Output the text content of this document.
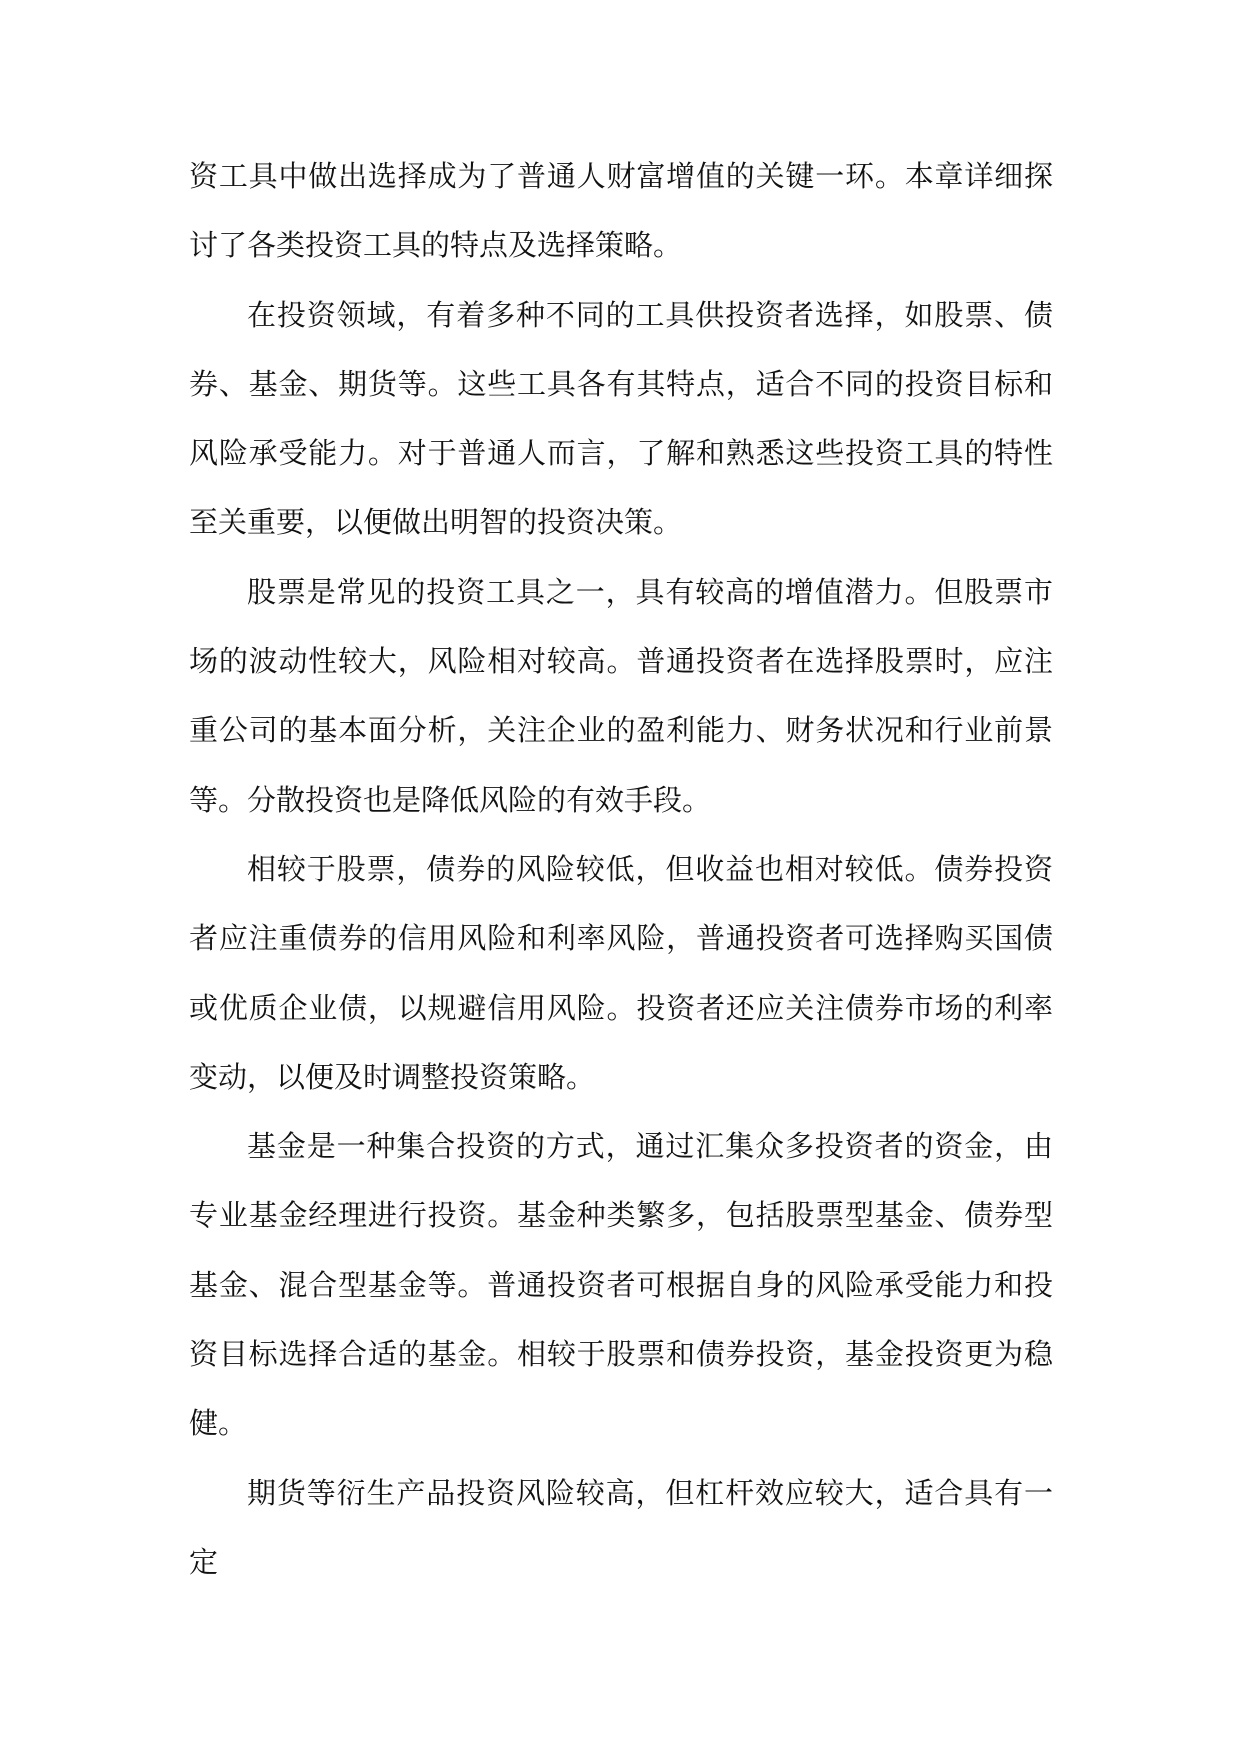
资工具中做出选择成为了普通人财富增值的关键一环。本章详细探讨了各类投资工具的特点及选择策略。

在投资领域，有着多种不同的工具供投资者选择，如股票、债券、基金、期货等。这些工具各有其特点，适合不同的投资目标和风险承受能力。对于普通人而言，了解和熟悉这些投资工具的特性至关重要，以便做出明智的投资决策。

股票是常见的投资工具之一，具有较高的增值潜力。但股票市场的波动性较大，风险相对较高。普通投资者在选择股票时，应注重公司的基本面分析，关注企业的盈利能力、财务状况和行业前景等。分散投资也是降低风险的有效手段。

相较于股票，债券的风险较低，但收益也相对较低。债券投资者应注重债券的信用风险和利率风险，普通投资者可选择购买国债或优质企业债，以规避信用风险。投资者还应关注债券市场的利率变动，以便及时调整投资策略。

基金是一种集合投资的方式，通过汇集众多投资者的资金，由专业基金经理进行投资。基金种类繁多，包括股票型基金、债券型基金、混合型基金等。普通投资者可根据自身的风险承受能力和投资目标选择合适的基金。相较于股票和债券投资，基金投资更为稳健。

期货等衍生产品投资风险较高，但杠杆效应较大，适合具有一定
